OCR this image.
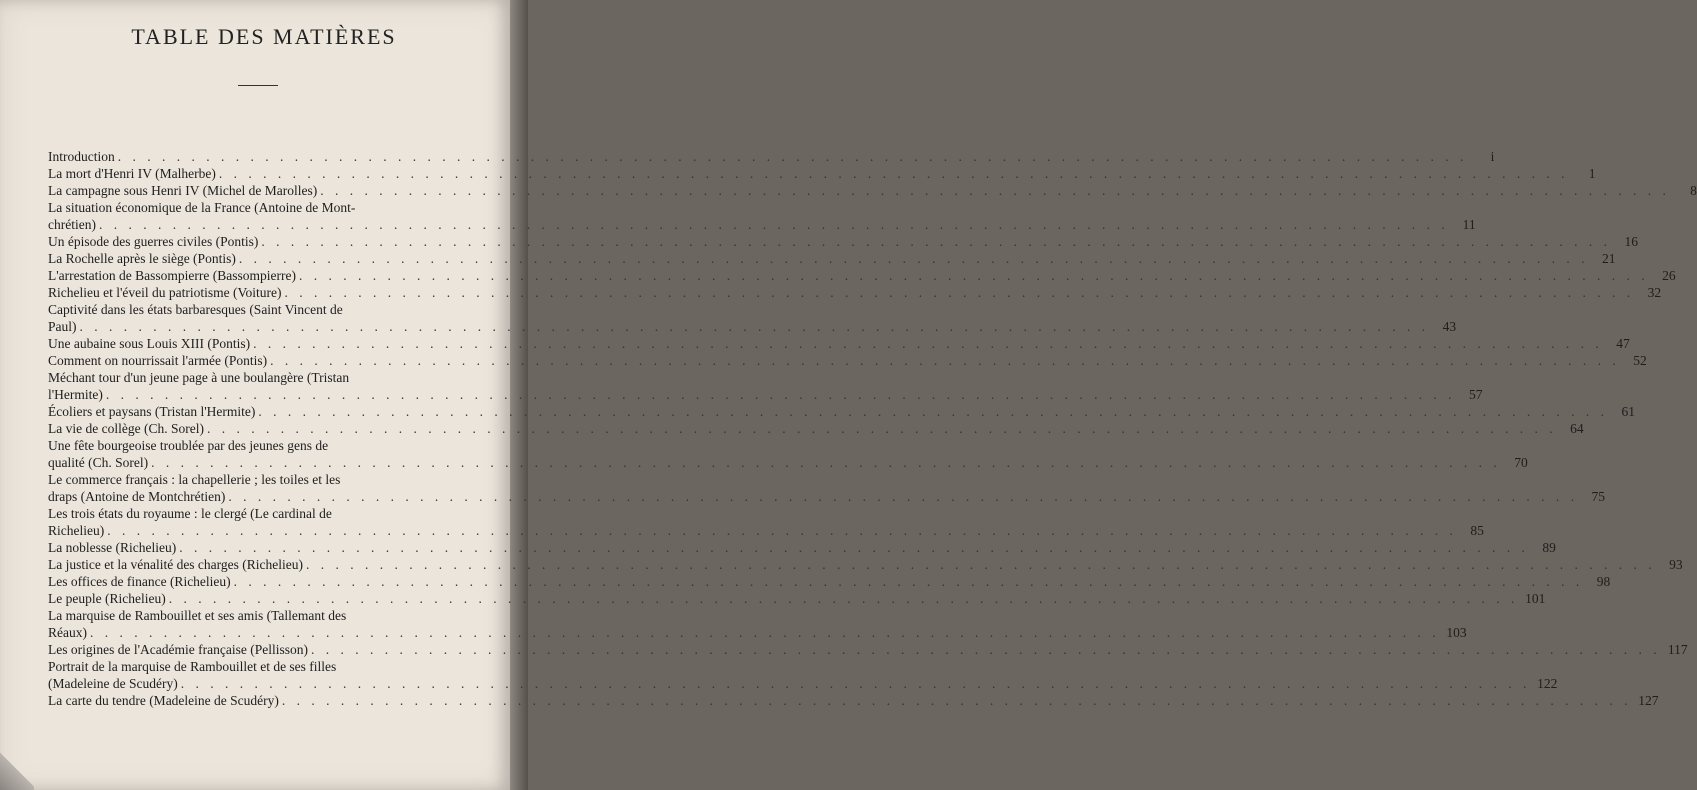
TABLE DES MATIÈRES
Introduction . . .	i
La mort d'Henri IV (Malherbe) . . .	1
La campagne sous Henri IV (Michel de Marolles) . . .	8
La situation économique de la France (Antoine de Mont-
chrétien) . . .	11
Un épisode des guerres civiles (Pontis) . . .	16
La Rochelle après le siège (Pontis) . . .	21
L'arrestation de Bassompierre (Bassompierre) . . .	26
Richelieu et l'éveil du patriotisme (Voiture) . . .	32
Captivité dans les états barbaresques (Saint Vincent de
Paul) . . .	43
Une aubaine sous Louis XIII (Pontis) . . .	47
Comment on nourrissait l'armée (Pontis) . . .	52
Méchant tour d'un jeune page à une boulangère (Tristan
l'Hermite) . . .	57
Écoliers et paysans (Tristan l'Hermite) . . .	61
La vie de collège (Ch. Sorel) . . .	64
Une fête bourgeoise troublée par des jeunes gens de
qualité (Ch. Sorel) . . .	70
Le commerce français : la chapellerie ; les toiles et les
draps (Antoine de Montchrétien) . . .	75
Les trois états du royaume : le clergé (Le cardinal de
Richelieu) . . .	85
La noblesse (Richelieu) . . .	89
La justice et la vénalité des charges (Richelieu) . . .	93
Les offices de finance (Richelieu) . . .	98
Le peuple (Richelieu) . . .	101
La marquise de Rambouillet et ses amis (Tallemant des
Réaux) . . .	103
Les origines de l'Académie française (Pellisson) . . .	117
Portrait de la marquise de Rambouillet et de ses filles
(Madeleine de Scudéry) . . .	122
La carte du tendre (Madeleine de Scudéry) . . .	127
